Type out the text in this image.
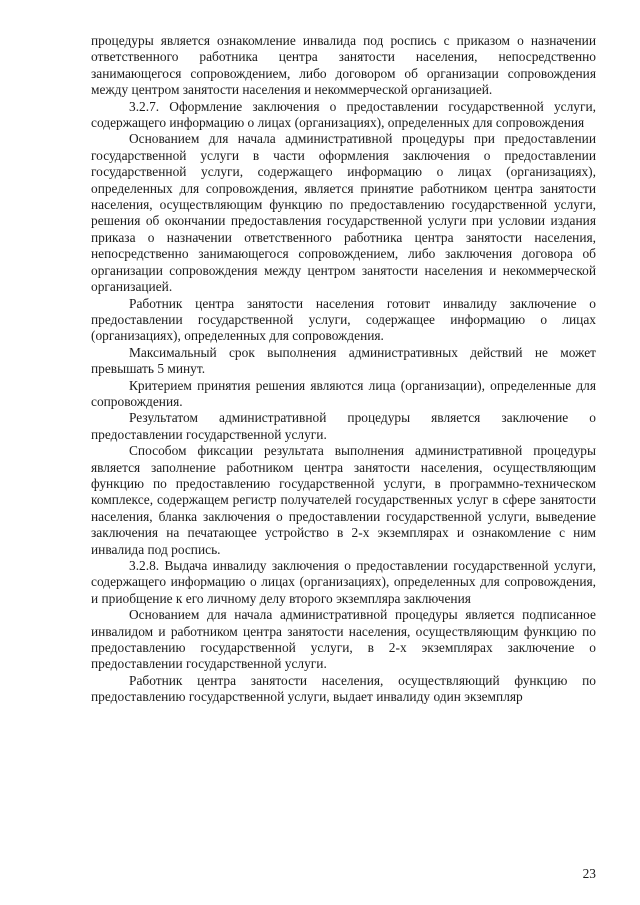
процедуры является ознакомление инвалида под роспись с приказом о назначении ответственного работника центра занятости населения, непосредственно занимающегося сопровождением, либо договором об организации сопровождения между центром занятости населения и некоммерческой организацией.

3.2.7. Оформление заключения о предоставлении государственной услуги, содержащего информацию о лицах (организациях), определенных для сопровождения

Основанием для начала административной процедуры при предоставлении государственной услуги в части оформления заключения о предоставлении государственной услуги, содержащего информацию о лицах (организациях), определенных для сопровождения, является принятие работником центра занятости населения, осуществляющим функцию по предоставлению государственной услуги, решения об окончании предоставления государственной услуги при условии издания приказа о назначении ответственного работника центра занятости населения, непосредственно занимающегося сопровождением, либо заключения договора об организации сопровождения между центром занятости населения и некоммерческой организацией.

Работник центра занятости населения готовит инвалиду заключение о предоставлении государственной услуги, содержащее информацию о лицах (организациях), определенных для сопровождения.

Максимальный срок выполнения административных действий не может превышать 5 минут.

Критерием принятия решения являются лица (организации), определенные для сопровождения.

Результатом административной процедуры является заключение о предоставлении государственной услуги.

Способом фиксации результата выполнения административной процедуры является заполнение работником центра занятости населения, осуществляющим функцию по предоставлению государственной услуги, в программно-техническом комплексе, содержащем регистр получателей государственных услуг в сфере занятости населения, бланка заключения о предоставлении государственной услуги, выведение заключения на печатающее устройство в 2-х экземплярах и ознакомление с ним инвалида под роспись.

3.2.8. Выдача инвалиду заключения о предоставлении государственной услуги, содержащего информацию о лицах (организациях), определенных для сопровождения, и приобщение к его личному делу второго экземпляра заключения

Основанием для начала административной процедуры является подписанное инвалидом и работником центра занятости населения, осуществляющим функцию по предоставлению государственной услуги, в 2-х экземплярах заключение о предоставлении государственной услуги.

Работник центра занятости населения, осуществляющий функцию по предоставлению государственной услуги, выдает инвалиду один экземпляр

23
